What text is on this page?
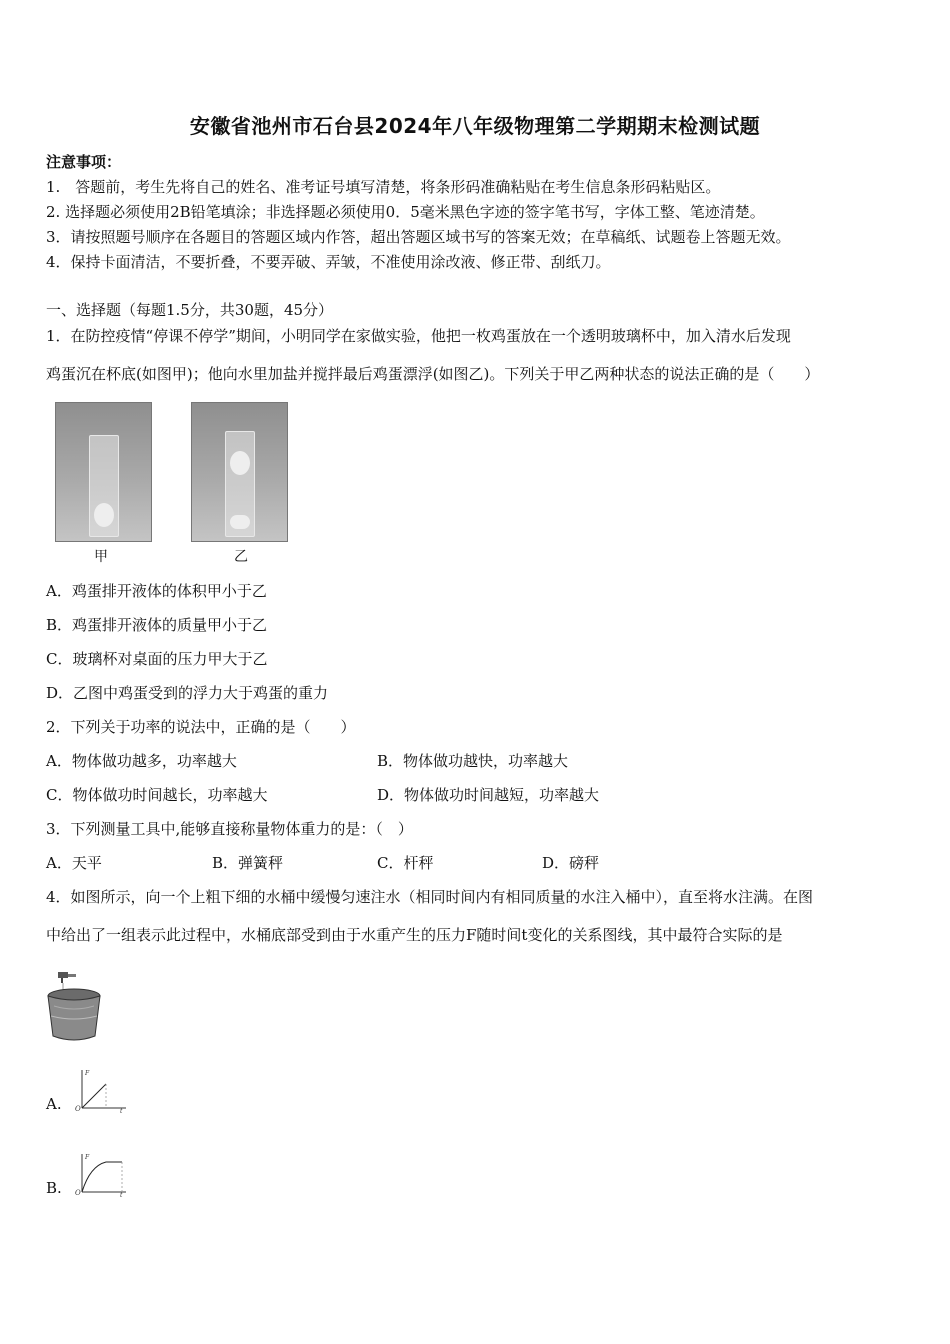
安徽省池州市石台县2024年八年级物理第二学期期末检测试题
注意事项：
1.　答题前，考生先将自己的姓名、准考证号填写清楚，将条形码准确粘贴在考生信息条形码粘贴区。
2. 选择题必须使用2B铅笔填涂；非选择题必须使用0．5毫米黑色字迹的签字笔书写，字体工整、笔迹清楚。
3．请按照题号顺序在各题目的答题区域内作答，超出答题区域书写的答案无效；在草稿纸、试题卷上答题无效。
4．保持卡面清洁，不要折叠，不要弄破、弄皱，不准使用涂改液、修正带、刮纸刀。
一、选择题（每题1.5分，共30题，45分）
1．在防控疫情“停课不停学”期间，小明同学在家做实验，他把一枚鸡蛋放在一个透明玻璃杯中，加入清水后发现
鸡蛋沉在杯底(如图甲)；他向水里加盐并搅拌最后鸡蛋漂浮(如图乙)。下列关于甲乙两种状态的说法正确的是（　　）
甲	乙
A．鸡蛋排开液体的体积甲小于乙
B．鸡蛋排开液体的质量甲小于乙
C．玻璃杯对桌面的压力甲大于乙
D．乙图中鸡蛋受到的浮力大于鸡蛋的重力
2．下列关于功率的说法中，正确的是（　　）
A．物体做功越多，功率越大	B．物体做功越快，功率越大
C．物体做功时间越长，功率越大	D．物体做功时间越短，功率越大
3．下列测量工具中,能够直接称量物体重力的是：（　）
A．天平	B．弹簧秤	C．杆秤	D．磅秤
4．如图所示，向一个上粗下细的水桶中缓慢匀速注水（相同时间内有相同质量的水注入桶中），直至将水注满。在图
中给出了一组表示此过程中，水桶底部受到由于水重产生的压力F随时间t变化的关系图线，其中最符合实际的是
A.
F
t
O
B.
F
t
O
